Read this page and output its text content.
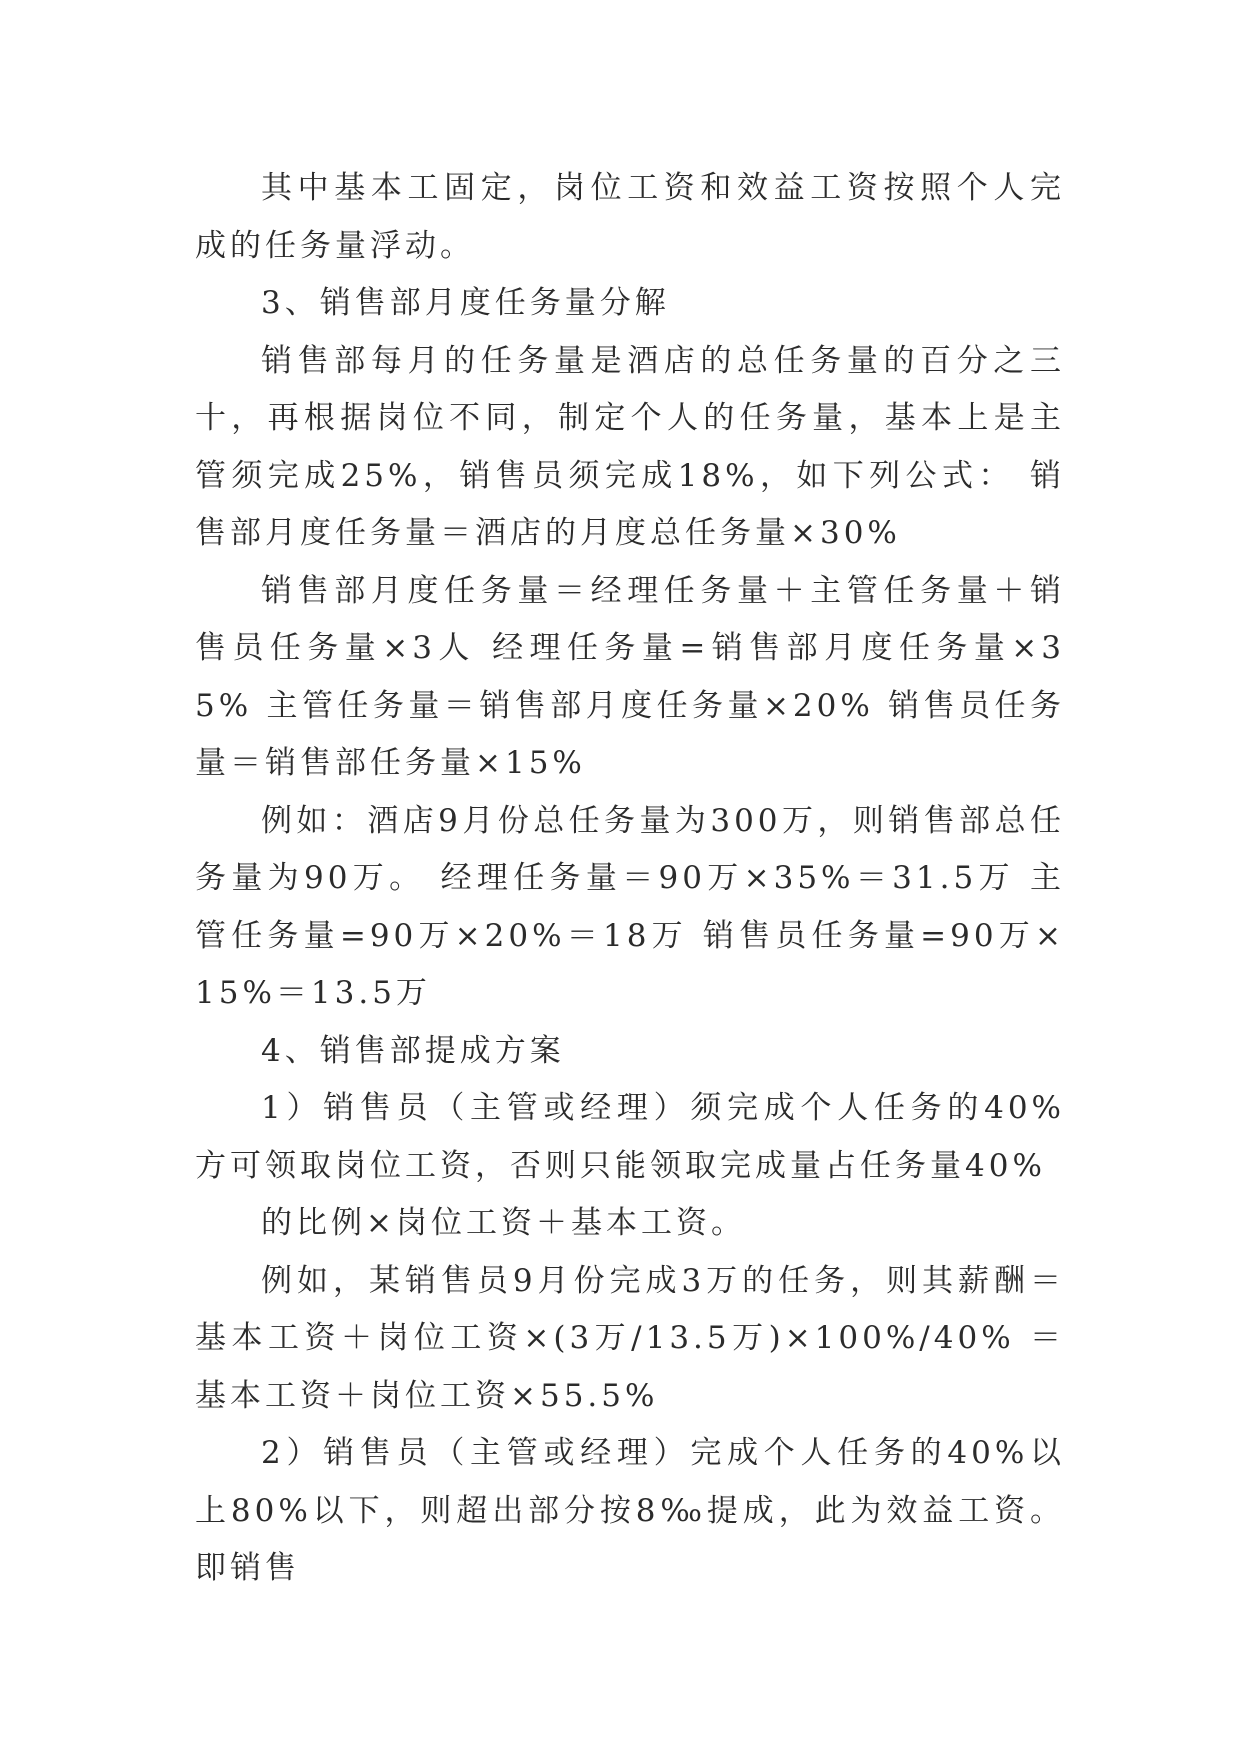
其中基本工固定，岗位工资和效益工资按照个人完成的任务量浮动。

3、销售部月度任务量分解

销售部每月的任务量是酒店的总任务量的百分之三十，再根据岗位不同，制定个人的任务量，基本上是主管须完成25%，销售员须完成18%，如下列公式： 销售部月度任务量＝酒店的月度总任务量×30%

销售部月度任务量＝经理任务量＋主管任务量＋销售员任务量×3人 经理任务量=销售部月度任务量×35% 主管任务量＝销售部月度任务量×20% 销售员任务量＝销售部任务量×15%

例如：酒店9月份总任务量为300万，则销售部总任务量为90万。 经理任务量＝90万×35%＝31.5万 主管任务量=90万×20%＝18万 销售员任务量=90万×15%＝13.5万

4、销售部提成方案

1）销售员（主管或经理）须完成个人任务的40%方可领取岗位工资，否则只能领取完成量占任务量40%

的比例×岗位工资＋基本工资。

例如，某销售员9月份完成3万的任务，则其薪酬＝基本工资＋岗位工资×(3万/13.5万)×100%/40% ＝基本工资＋岗位工资×55.5%

2）销售员（主管或经理）完成个人任务的40%以上80%以下，则超出部分按8‰提成，此为效益工资。即销售
